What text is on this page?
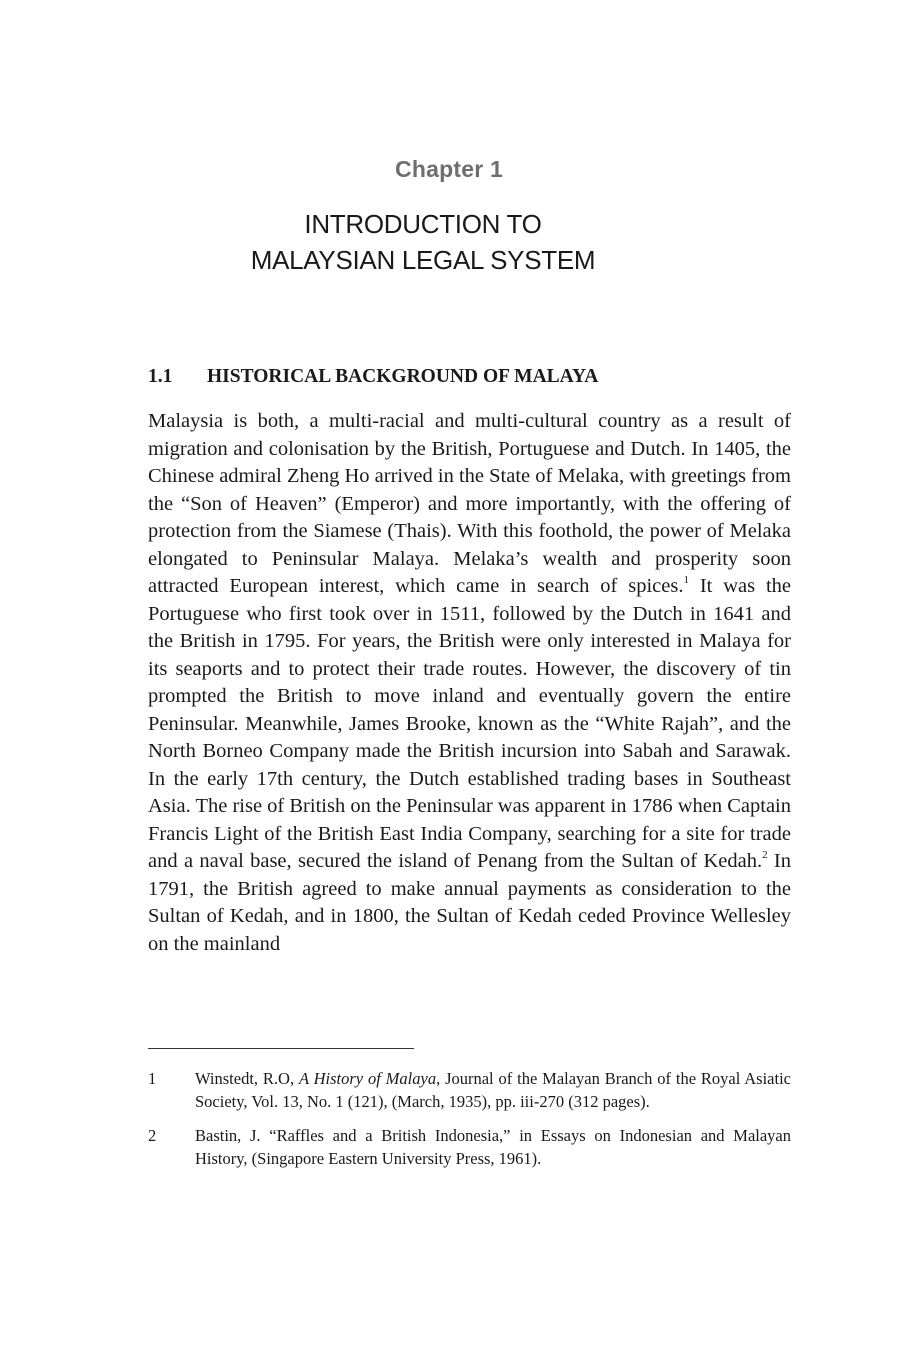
Chapter 1
INTRODUCTION TO
MALAYSIAN LEGAL SYSTEM
1.1 HISTORICAL BACKGROUND OF MALAYA

Malaysia is both, a multi-racial and multi-cultural country as a result of migration and colonisation by the British, Portuguese and Dutch. In 1405, the Chinese admiral Zheng Ho arrived in the State of Melaka, with greetings from the “Son of Heaven” (Emperor) and more importantly, with the offering of protection from the Siamese (Thais). With this foothold, the power of Melaka elongated to Peninsular Malaya. Melaka’s wealth and prosperity soon attracted European interest, which came in search of spices.$^1$ It was the Portuguese who first took over in 1511, followed by the Dutch in 1641 and the British in 1795. For years, the British were only interested in Malaya for its seaports and to protect their trade routes. However, the discovery of tin prompted the British to move inland and eventually govern the entire Peninsular. Meanwhile, James Brooke, known as the “White Rajah”, and the North Borneo Company made the British incursion into Sabah and Sarawak. In the early 17th century, the Dutch established trading bases in Southeast Asia. The rise of British on the Peninsular was apparent in 1786 when Captain Francis Light of the British East India Company, searching for a site for trade and a naval base, secured the island of Penang from the Sultan of Kedah.$^2$ In 1791, the British agreed to make annual payments as consideration to the Sultan of Kedah, and in 1800, the Sultan of Kedah ceded Province Wellesley on the mainland

1	Winstedt, R.O, A History of Malaya, Journal of the Malayan Branch of the Royal Asiatic Society, Vol. 13, No. 1 (121), (March, 1935), pp. iii-270 (312 pages).
2	Bastin, J. “Raffles and a British Indonesia,” in Essays on Indonesian and Malayan History, (Singapore Eastern University Press, 1961).
